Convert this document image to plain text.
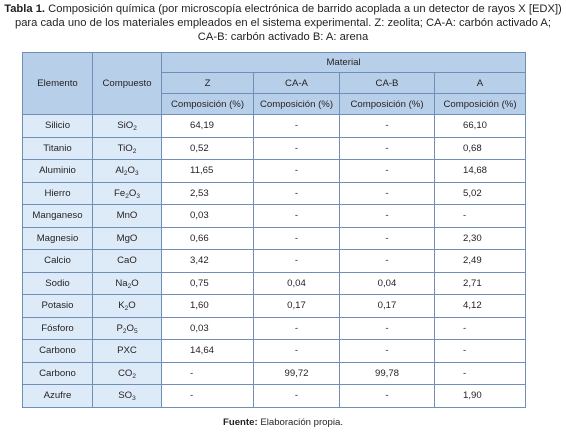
Tabla 1. Composición química (por microscopía electrónica de barrido acoplada a un detector de rayos X [EDX]) para cada uno de los materiales empleados en el sistema experimental. Z: zeolita; CA-A: carbón activado A; CA-B: carbón activado B: A: arena
Elemento	Compuesto	Material			
		Z	CA-A	CA-B	A
		Composición (%)	Composición (%)	Composición (%)	Composición (%)
Silicio	SiO$_2$	64,19	-	-	66,10
Titanio	TiO$_2$	0,52	-	-	0,68
Aluminio	$Al_2O_3$	11,65	-	-	14,68
Hierro	$Fe_2O_3$	2,53	-	-	5,02
Manganeso	MnO	0,03	-	-	-
Magnesio	MgO	0,66	-	-	2,30
Calcio	CaO	3,42	-	-	2,49
Sodio	$Na_2O$	0,75	0,04	0,04	2,71
Potasio	$K_2O$	1,60	0,17	0,17	4,12
Fósforo	$P_2O_5$	0,03	-	-	-
Carbono	PXC	14,64	-	-	-
Carbono	$CO_2$	-	99,72	99,78	-
Azufre	$SO_3$	-	-	-	1,90
Fuente: Elaboración propia.
